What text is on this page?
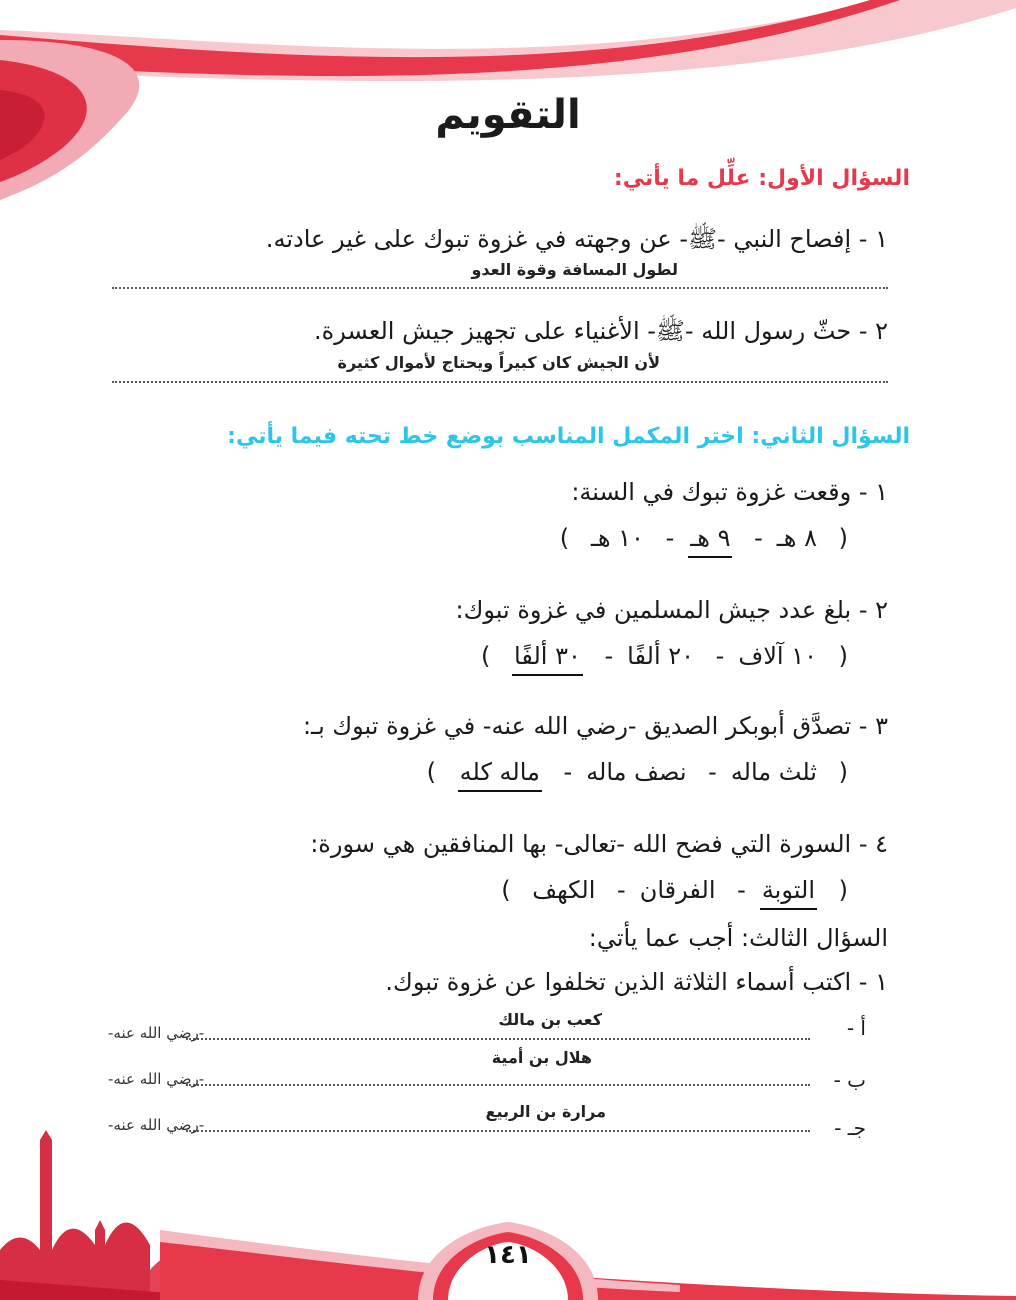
١٤١
التقويم
السؤال الأول: علِّل ما يأتي:
١ - إفصاح النبي -ﷺ- عن وجهته في غزوة تبوك على غير عادته.
لطول المسافة وقوة العدو
٢ - حثّ رسول الله -ﷺ- الأغنياء على تجهيز جيش العسرة.
لأن الجيش كان كبيراً ويحتاج لأموال كثيرة
السؤال الثاني: اختر المكمل المناسب بوضع خط تحته فيما يأتي:
١ - وقعت غزوة تبوك في السنة:
( ٨ هـ- ٩ هـ- ١٠ هـ )
٢ - بلغ عدد جيش المسلمين في غزوة تبوك:
( ١٠ آلاف- ٢٠ ألفًا- ٣٠ ألفًا )
٣ - تصدَّق أبوبكر الصديق -رضي الله عنه- في غزوة تبوك بـ:
( ثلث ماله- نصف ماله- ماله كله )
٤ - السورة التي فضح الله -تعالى- بها المنافقين هي سورة:
( التوبة- الفرقان- الكهف )
السؤال الثالث: أجب عما يأتي:
١ - اكتب أسماء الثلاثة الذين تخلفوا عن غزوة تبوك.
أ -
كعب بن مالك
-رضي الله عنه-
ب -
هلال بن أمية
-رضي الله عنه-
جـ -
مرارة بن الربيع
-رضي الله عنه-
